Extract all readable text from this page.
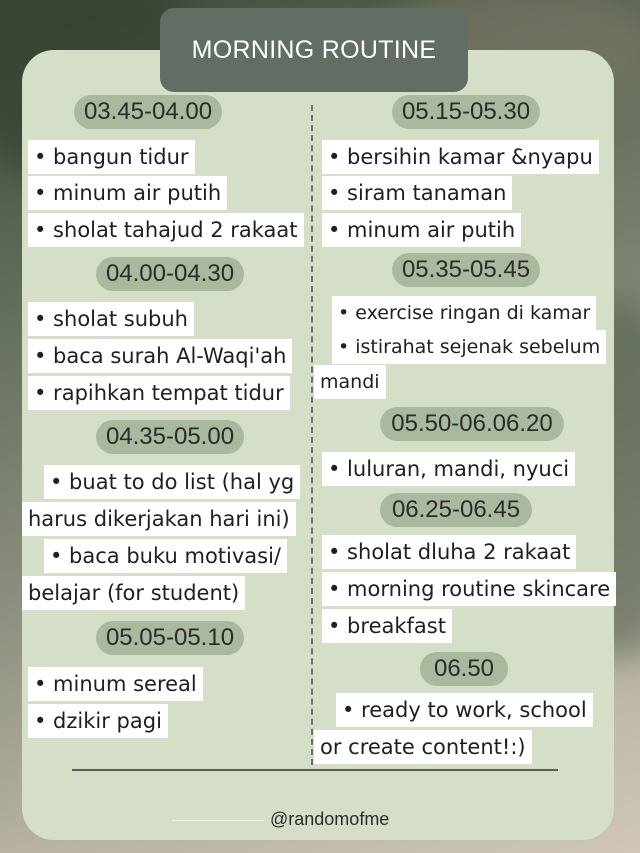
MORNING ROUTINE
03.45-04.00
• bangun tidur
• minum air putih
• sholat tahajud 2 rakaat
04.00-04.30
• sholat subuh
• baca surah Al-Waqi'ah
• rapihkan tempat tidur
04.35-05.00
• buat to do list (hal yg
harus dikerjakan hari ini)
• baca buku motivasi/
belajar (for student)
05.05-05.10
• minum sereal
• dzikir pagi
05.15-05.30
• bersihin kamar &nyapu
• siram tanaman
• minum air putih
05.35-05.45
• exercise ringan di kamar
• istirahat sejenak sebelum
mandi
05.50-06.06.20
• luluran, mandi, nyuci
06.25-06.45
• sholat dluha 2 rakaat
• morning routine skincare
• breakfast
06.50
• ready to work, school
or create content!:)
@randomofme
